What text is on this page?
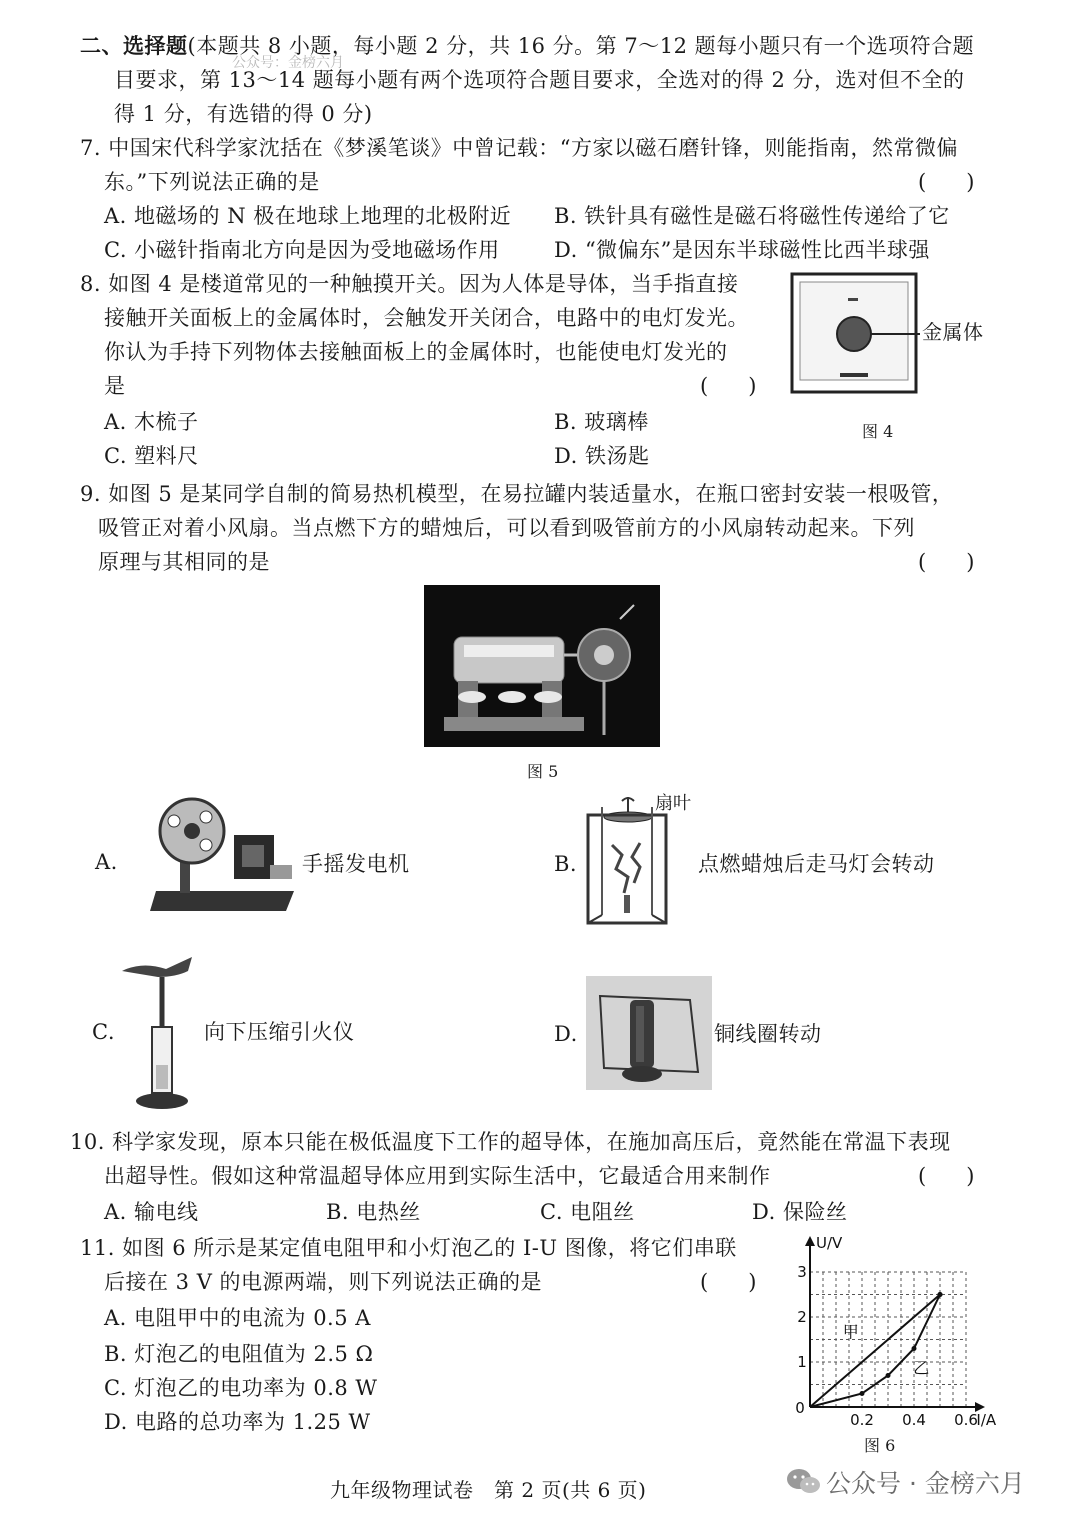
二、选择题(本题共 8 小题，每小题 2 分，共 16 分。第 7～12 题每小题只有一个选项符合题
目要求，第 13～14 题每小题有两个选项符合题目要求，全选对的得 2 分，选对但不全的
得 1 分，有选错的得 0 分)
公众号：金榜六月
7. 中国宋代科学家沈括在《梦溪笔谈》中曾记载：“方家以磁石磨针锋，则能指南，然常微偏
东。”下列说法正确的是	(      )
A. 地磁场的 N 极在地球上地理的北极附近 B. 铁针具有磁性是磁石将磁性传递给了它
C. 小磁针指南北方向是因为受地磁场作用	D. “微偏东”是因东半球磁性比西半球强
8. 如图 4 是楼道常见的一种触摸开关。因为人体是导体，当手指直接
接触开关面板上的金属体时，会触发开关闭合，电路中的电灯发光。
你认为手持下列物体去接触面板上的金属体时，也能使电灯发光的
是	(      )
A. 木梳子	B. 玻璃棒
C. 塑料尺	D. 铁汤匙
金属体
图 4
9. 如图 5 是某同学自制的简易热机模型，在易拉罐内装适量水，在瓶口密封安装一根吸管，
吸管正对着小风扇。当点燃下方的蜡烛后，可以看到吸管前方的小风扇转动起来。下列
原理与其相同的是	(      )
图 5
A.	手摇发电机	B.
扇叶
点燃蜡烛后走马灯会转动
C.	向下压缩引火仪	D.	铜线圈转动
10. 科学家发现，原本只能在极低温度下工作的超导体，在施加高压后，竟然能在常温下表现
出超导性。假如这种常温超导体应用到实际生活中，它最适合用来制作	(      )
A. 输电线	B. 电热丝	C. 电阻丝	D. 保险丝
11. 如图 6 所示是某定值电阻甲和小灯泡乙的 I-U 图像，将它们串联
后接在 3 V 的电源两端，则下列说法正确的是	(      )
A. 电阻甲中的电流为 0.5 A
B. 灯泡乙的电阻值为 2.5 Ω
C. 灯泡乙的电功率为 0.8 W
D. 电路的总功率为 1.25 W	0.2 0.4 0.6
1
2
3
0
I/A
U/V
甲
乙
图 6
九年级物理试卷　第 2 页(共 6 页)	公众号 · 金榜六月
